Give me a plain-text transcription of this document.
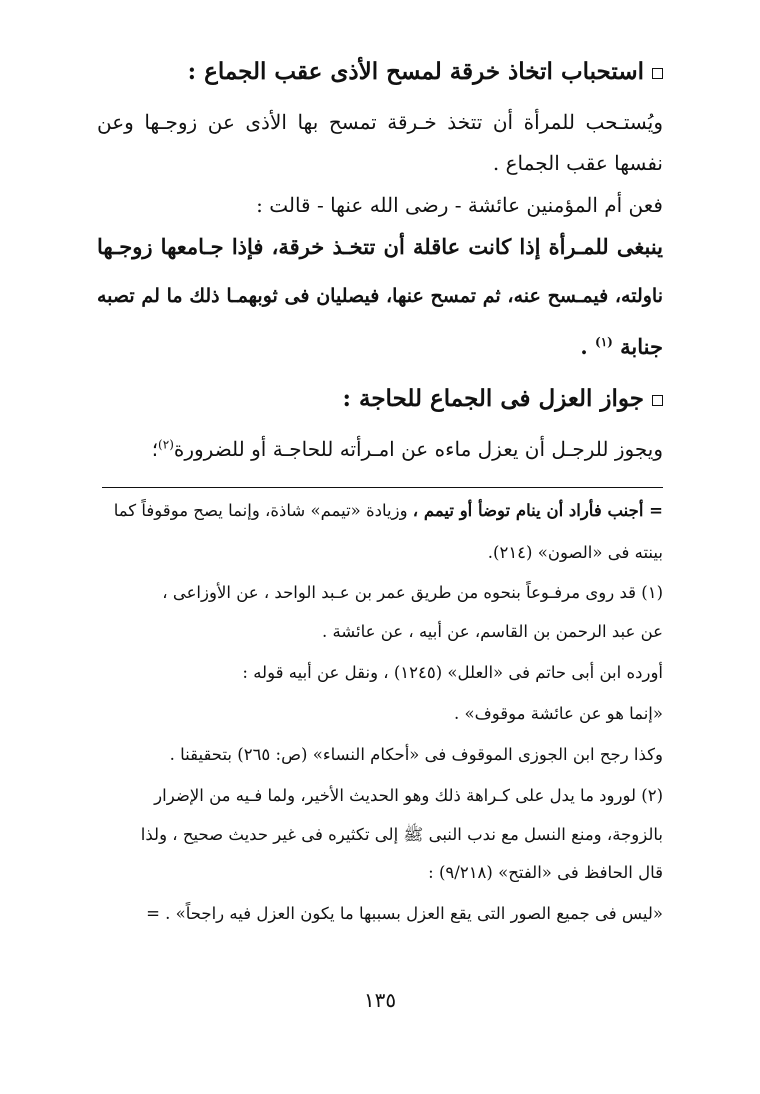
استحباب اتخاذ خرقة لمسح الأذى عقب الجماع :
ويُستـحب للمرأة أن تتخذ خـرقة تمسح بها الأذى عن زوجـها وعن
نفسها عقب الجماع .
فعن أم المؤمنين عائشة - رضى الله عنها - قالت :
ينبغى للمـرأة إذا كانت عاقلة أن تتخـذ خرقة، فإذا جـامعها زوجـها
ناولته، فيمـسح عنه، ثم تمسح عنها، فيصليان فى ثوبهمـا ذلك ما لم تصبه
جنابة $^{(١)}$ .
جواز العزل فى الجماع للحاجة :
ويجوز للرجـل أن يعزل ماءه عن امـرأته للحاجـة أو للضرورة$^{(٢)}$؛
= أجنب فأراد أن ينام توضأ أو تيمم ، وزيادة «تيمم» شاذة، وإنما يصح موقوفاً كما
بينته فى «الصون» (٢١٤).
(١) قد روى مرفـوعاً بنحوه من طريق عمر بن عـبد الواحد ، عن الأوزاعى ،
عن عبد الرحمن بن القاسم، عن أبيه ، عن عائشة .
أورده ابن أبى حاتم فى «العلل» (١٢٤٥) ، ونقل عن أبيه قوله :
«إنما هو عن عائشة موقوف» .
وكذا رجح ابن الجوزى الموقوف فى «أحكام النساء» (ص: ٢٦٥) بتحقيقنا .
(٢) لورود ما يدل على كـراهة ذلك وهو الحديث الأخير، ولما فـيه من الإضرار
بالزوجة، ومنع النسل مع ندب النبى ﷺ إلى تكثيره فى غير حديث صحيح ، ولذا
قال الحافظ فى «الفتح» (٩/٢١٨) :
«ليس فى جميع الصور التى يقع العزل بسببها ما يكون العزل فيه راجحاً» . =
١٣٥
